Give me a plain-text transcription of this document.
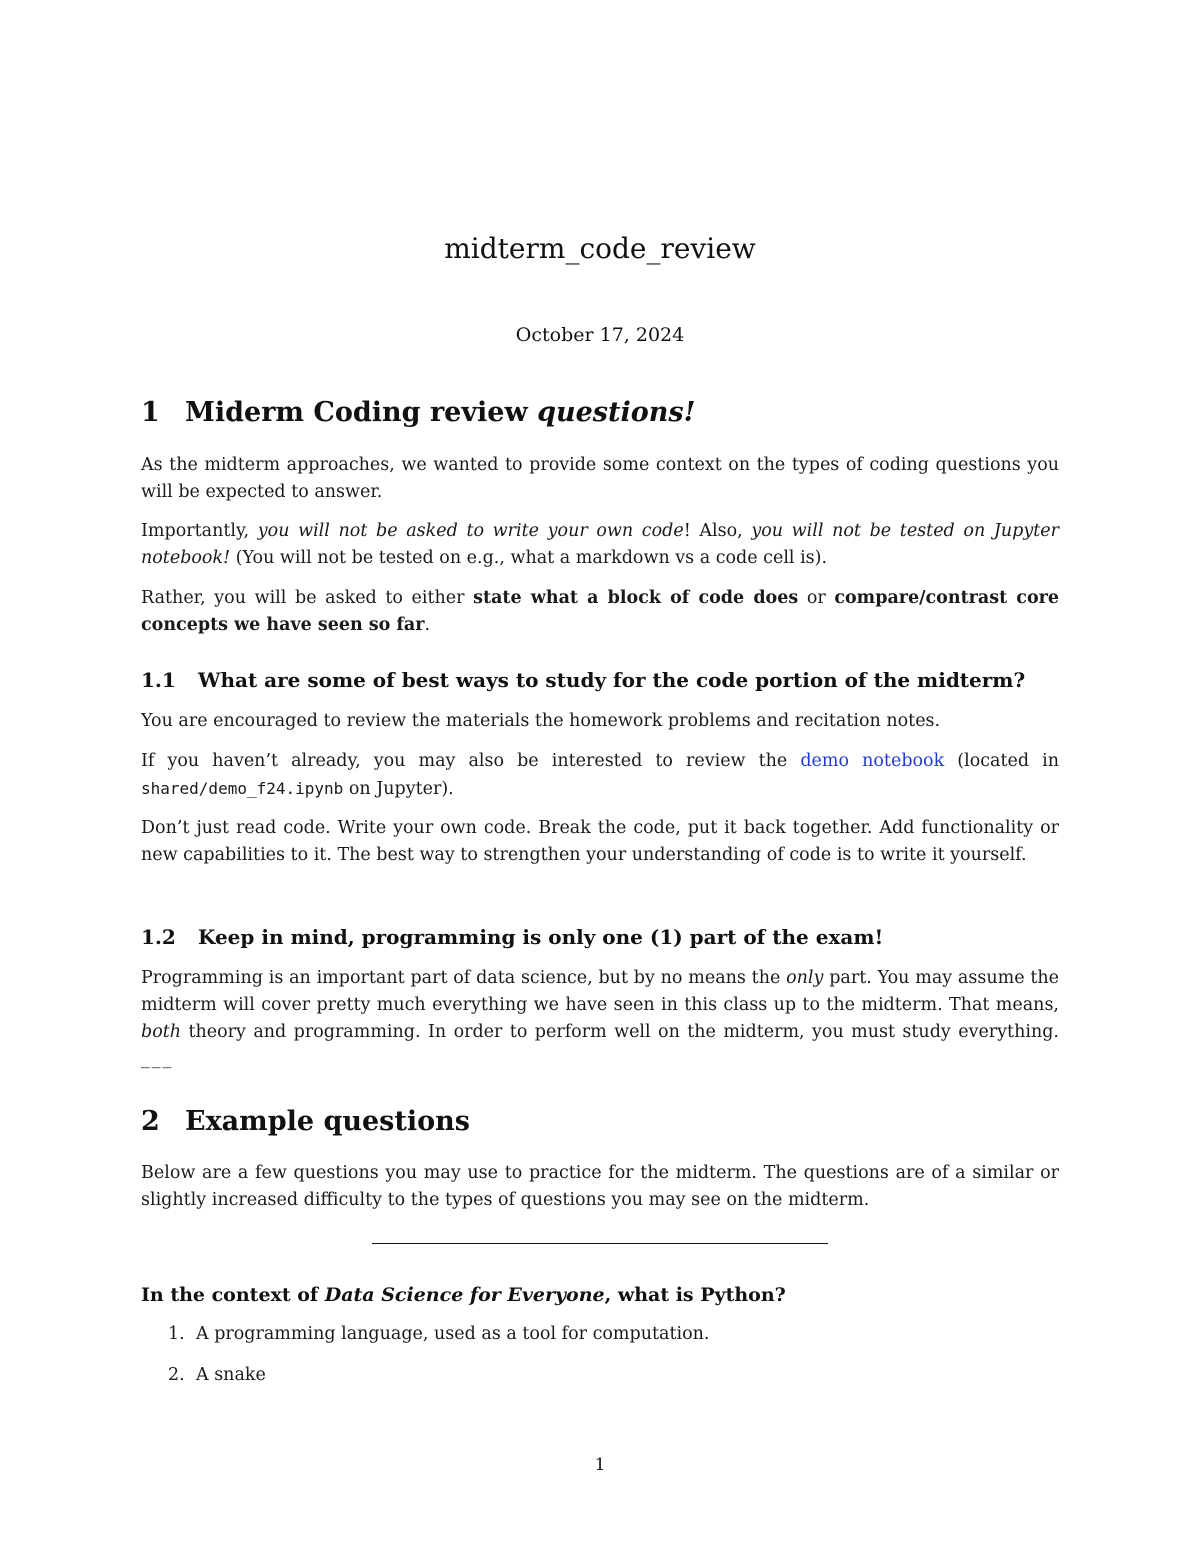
midterm_code_review
October 17, 2024
1 Miderm Coding review questions!

As the midterm approaches, we wanted to provide some context on the types of coding questions you will be expected to answer.

Importantly, you will not be asked to write your own code! Also, you will not be tested on Jupyter notebook! (You will not be tested on e.g., what a markdown vs a code cell is).

Rather, you will be asked to either state what a block of code does or compare/contrast core concepts we have seen so far.

1.1 What are some of best ways to study for the code portion of the midterm?

You are encouraged to review the materials the homework problems and recitation notes.

If you haven’t already, you may also be interested to review the demo notebook (located in shared/demo_f24.ipynb on Jupyter).

Don’t just read code. Write your own code. Break the code, put it back together. Add functionality or new capabilities to it. The best way to strengthen your understanding of code is to write it yourself.

1.2 Keep in mind, programming is only one (1) part of the exam!

Programming is an important part of data science, but by no means the only part. You may assume the midterm will cover pretty much everything we have seen in this class up to the midterm. That means, both theory and programming. In order to perform well on the midterm, you must study everything. ___

2 Example questions

Below are a few questions you may use to practice for the midterm. The questions are of a similar or slightly increased difficulty to the types of questions you may see on the midterm.

In the context of Data Science for Everyone, what is Python?
1. A programming language, used as a tool for computation.
2. A snake
1
